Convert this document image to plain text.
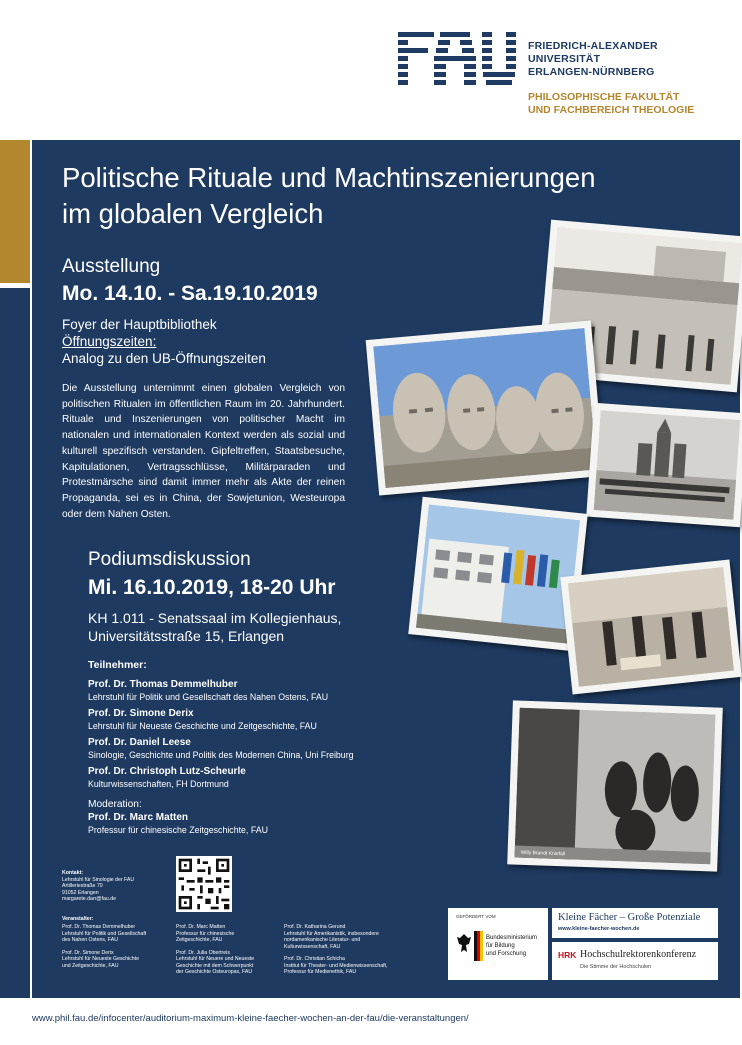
FRIEDRICH-ALEXANDER
UNIVERSITÄT
ERLANGEN-NÜRNBERG
PHILOSOPHISCHE FAKULTÄT
UND FACHBEREICH THEOLOGIE
Politische Rituale und Machtinszenierungen
im globalen Vergleich
Ausstellung
Mo. 14.10. - Sa.19.10.2019
Foyer der Hauptbibliothek
Öffnungszeiten:
Analog zu den UB-Öffnungszeiten
Die Ausstellung unternimmt einen globalen Vergleich von politischen Ritualen im öffentlichen Raum im 20. Jahrhundert. Rituale und Inszenierungen von politischer Macht im nationalen und internationalen Kontext werden als sozial und kulturell spezifisch verstanden. Gipfeltreffen, Staatsbesuche, Kapitulationen, Vertragsschlüsse, Militärparaden und Protestmärsche sind damit immer mehr als Akte der reinen Propaganda, sei es in China, der Sowjetunion, Westeuropa oder dem Nahen Osten.
Podiumsdiskussion
Mi. 16.10.2019, 18-20 Uhr
KH 1.011 - Senatssaal im Kollegienhaus,
Universitätsstraße 15, Erlangen
Teilnehmer:
Prof. Dr. Thomas Demmelhuber
Lehrstuhl für Politik und Gesellschaft des Nahen Ostens, FAU
Prof. Dr. Simone Derix
Lehrstuhl für Neueste Geschichte und Zeitgeschichte, FAU
Prof. Dr. Daniel Leese
Sinologie, Geschichte und Politik des Modernen China, Uni Freiburg
Prof. Dr. Christoph Lutz-Scheurle
Kulturwissenschaften, FH Dortmund
Moderation:
Prof. Dr. Marc Matten
Professur für chinesische Zeitgeschichte, FAU
Willy Brandt Kniefall
Kontakt:
Lehrstuhl für Sinologie der FAU
Artilleriestraße 70
91052 Erlangen
margarete.darr@fau.de
Veranstalter:
Prof. Dr. Thomas Demmelhuber
Lehrstuhl für Politik und Gesellschaft
des Nahen Ostens, FAU
Prof. Dr. Simone Derix
Lehrstuhl für Neueste Geschichte
und Zeitgeschichte, FAU
Prof. Dr. Marc Matten
Professur für chinesische
Zeitgeschichte, FAU
Prof. Dr. Julia Obertreis
Lehrstuhl für Neuere und Neueste
Geschichte mit dem Schwerpunkt
der Geschichte Osteuropas, FAU
Prof. Dr. Katharina Gerund
Lehrstuhl für Amerikanistik, insbesondere
nordamerikanische Literatur- und
Kulturwissenschaft, FAU
Prof. Dr. Christian Schicha
Institut für Theater- und Medienwissenschaft,
Professur für Medienethik, FAU
GEFÖRDERT VOM
Bundesministerium
für Bildung
und Forschung
Kleine Fächer – Große Potenziale
www.kleine-faecher-wochen.de
HRK Hochschulrektorenkonferenz
Die Stimme der Hochschulen
www.phil.fau.de/infocenter/auditorium-maximum-kleine-faecher-wochen-an-der-fau/die-veranstaltungen/
